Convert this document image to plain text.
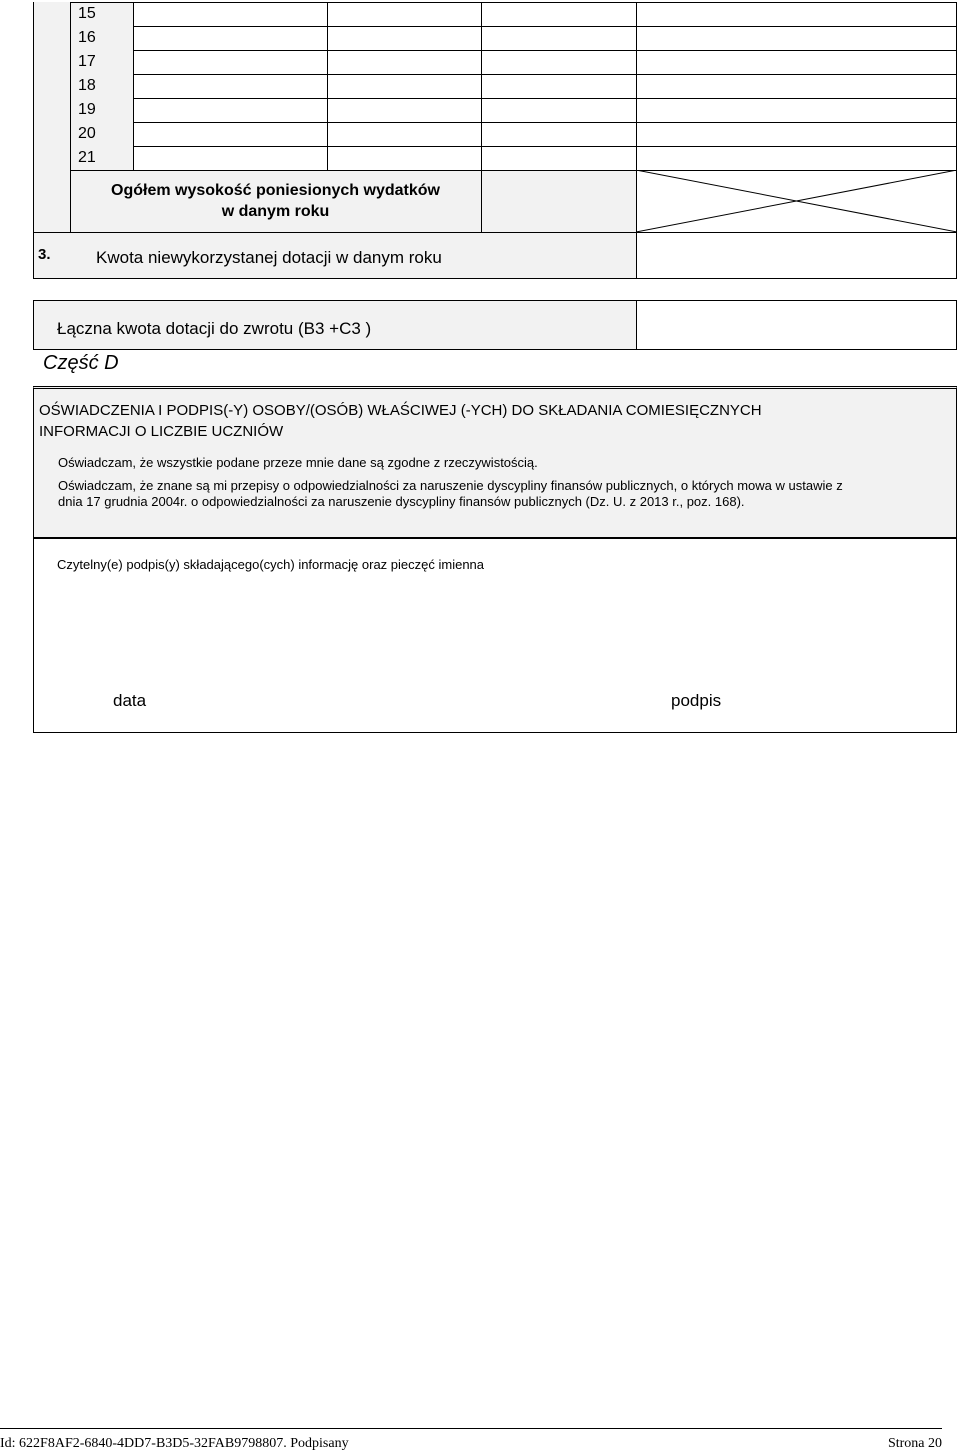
15
16
17
18
19
20
21
Ogółem wysokość poniesionych wydatków
w danym roku
3.	Kwota niewykorzystanej dotacji w danym roku
Łączna kwota dotacji do zwrotu (B3 +C3 )
Część D
OŚWIADCZENIA I PODPIS(-Y) OSOBY/(OSÓB) WŁAŚCIWEJ (-YCH) DO SKŁADANIA COMIESIĘCZNYCH
INFORMACJI O LICZBIE UCZNIÓW
Oświadczam, że wszystkie podane przeze mnie dane są zgodne z rzeczywistością.
Oświadczam, że znane są mi przepisy o odpowiedzialności za naruszenie dyscypliny finansów publicznych, o których mowa w ustawie z
dnia 17 grudnia 2004r. o odpowiedzialności za naruszenie dyscypliny finansów publicznych (Dz. U. z 2013 r., poz. 168).
Czytelny(e) podpis(y) składającego(cych) informację oraz pieczęć imienna
data	podpis
Id: 622F8AF2-6840-4DD7-B3D5-32FAB9798807. Podpisany	Strona 20
